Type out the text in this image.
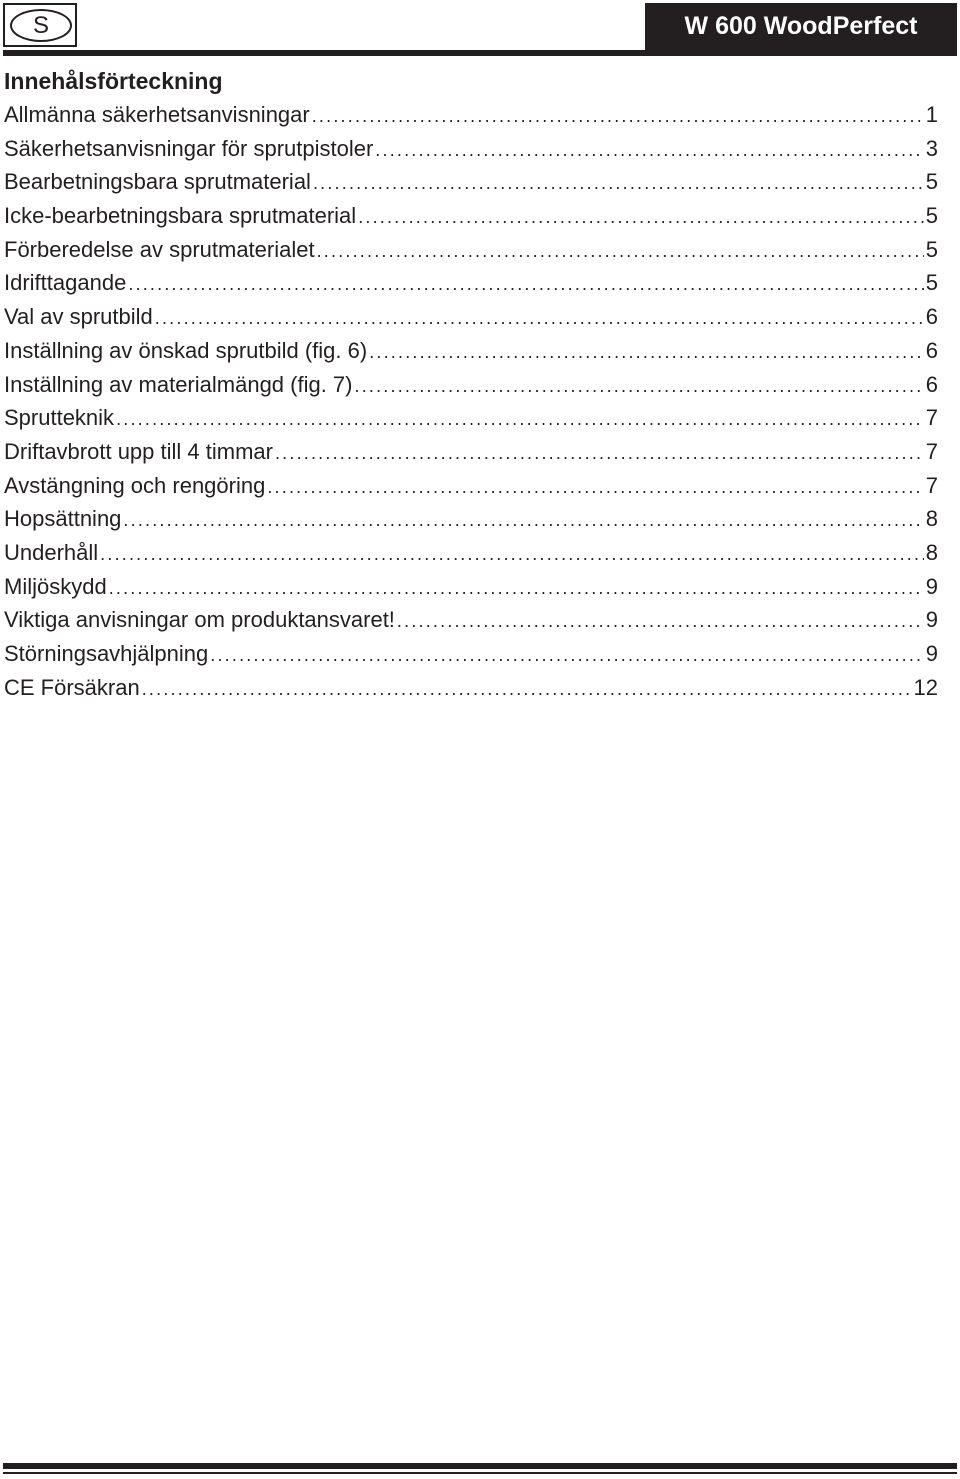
S	W 600 WoodPerfect
Innehålsförteckning
Allmänna säkerhetsanvisningar . . .	1
Säkerhetsanvisningar för sprutpistoler . . .	3
Bearbetningsbara sprutmaterial . . .	5
Icke-bearbetningsbara sprutmaterial . . .	5
Förberedelse av sprutmaterialet . . .	5
Idrifttagande . . .	5
Val av sprutbild . . .	6
Inställning av önskad sprutbild (fig. 6) . . .	6
Inställning av materialmängd (fig. 7) . . .	6
Sprutteknik . . .	7
Driftavbrott upp till 4 timmar . . .	7
Avstängning och rengöring . . .	7
Hopsättning . . .	8
Underhåll . . .	8
Miljöskydd . . .	9
Viktiga anvisningar om produktansvaret! . . .	9
Störningsavhjälpning . . .	9
CE Försäkran . . .	12
